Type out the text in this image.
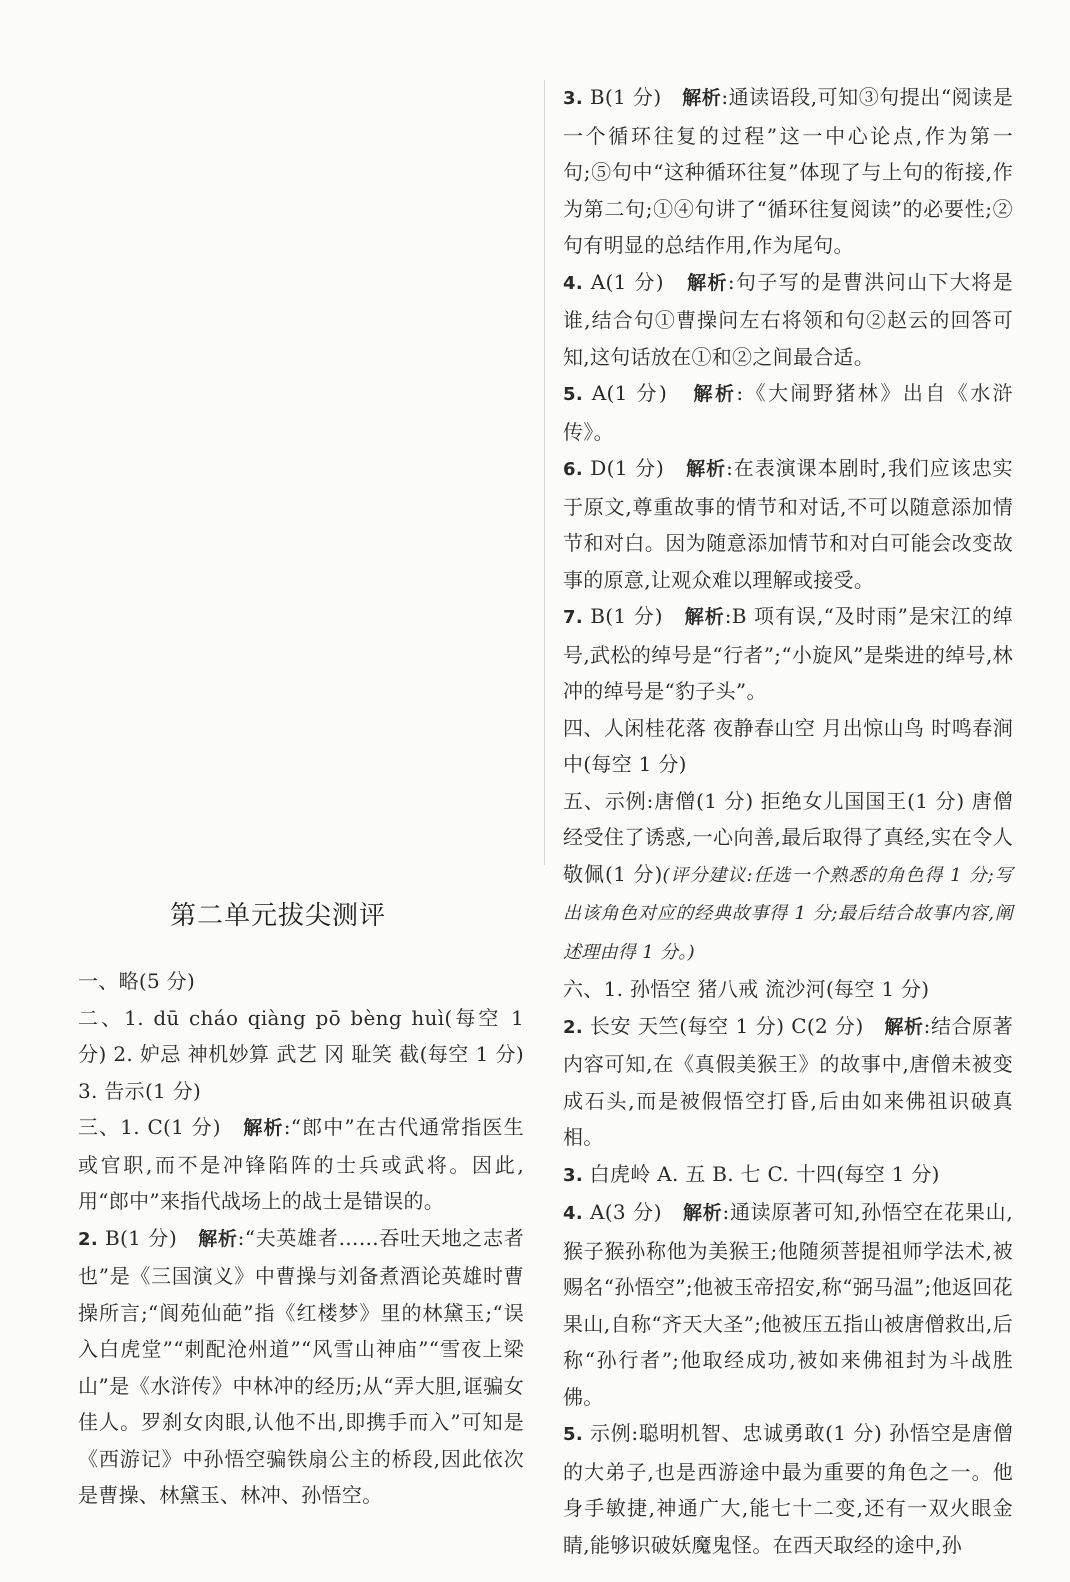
第二单元拔尖测评

3. B(1 分) 解析:通读语段,可知③句提出“阅读是一个循环往复的过程”这一中心论点,作为第一句;⑤句中“这种循环往复”体现了与上句的衔接,作为第二句;①④句讲了“循环往复阅读”的必要性;②句有明显的总结作用,作为尾句。

4. A(1 分) 解析:句子写的是曹洪问山下大将是谁,结合句①曹操问左右将领和句②赵云的回答可知,这句话放在①和②之间最合适。

5. A(1 分) 解析:《大闹野猪林》出自《水浒传》。

6. D(1 分) 解析:在表演课本剧时,我们应该忠实于原文,尊重故事的情节和对话,不可以随意添加情节和对白。因为随意添加情节和对白可能会改变故事的原意,让观众难以理解或接受。

7. B(1 分) 解析:B 项有误,“及时雨”是宋江的绰号,武松的绰号是“行者”;“小旋风”是柴进的绰号,林冲的绰号是“豹子头”。

四、人闲桂花落 夜静春山空 月出惊山鸟 时鸣春涧中(每空 1 分)

五、示例:唐僧(1 分) 拒绝女儿国国王(1 分) 唐僧经受住了诱惑,一心向善,最后取得了真经,实在令人敬佩(1 分)(评分建议:任选一个熟悉的角色得 1 分;写出该角色对应的经典故事得 1 分;最后结合故事内容,阐述理由得 1 分。)

六、1. 孙悟空 猪八戒 流沙河(每空 1 分)

2. 长安 天竺(每空 1 分) C(2 分) 解析:结合原著内容可知,在《真假美猴王》的故事中,唐僧未被变成石头,而是被假悟空打昏,后由如来佛祖识破真相。

3. 白虎岭 A. 五 B. 七 C. 十四(每空 1 分)

4. A(3 分) 解析:通读原著可知,孙悟空在花果山,猴子猴孙称他为美猴王;他随须菩提祖师学法术,被赐名“孙悟空”;他被玉帝招安,称“弼马温”;他返回花果山,自称“齐天大圣”;他被压五指山被唐僧救出,后称“孙行者”;他取经成功,被如来佛祖封为斗战胜佛。

5. 示例:聪明机智、忠诚勇敢(1 分) 孙悟空是唐僧的大弟子,也是西游途中最为重要的角色之一。他身手敏捷,神通广大,能七十二变,还有一双火眼金睛,能够识破妖魔鬼怪。在西天取经的途中,孙

一、略(5 分)

二、1. dū cháo qiàng pō bèng huì(每空 1 分) 2. 妒忌 神机妙算 武艺 冈 耻笑 截(每空 1 分) 3. 告示(1 分)

三、1. C(1 分) 解析:“郎中”在古代通常指医生或官职,而不是冲锋陷阵的士兵或武将。因此,用“郎中”来指代战场上的战士是错误的。

2. B(1 分) 解析:“夫英雄者……吞吐天地之志者也”是《三国演义》中曹操与刘备煮酒论英雄时曹操所言;“阆苑仙葩”指《红楼梦》里的林黛玉;“误入白虎堂”“刺配沧州道”“风雪山神庙”“雪夜上梁山”是《水浒传》中林冲的经历;从“弄大胆,诓骗女佳人。罗刹女肉眼,认他不出,即携手而入”可知是《西游记》中孙悟空骗铁扇公主的桥段,因此依次是曹操、林黛玉、林冲、孙悟空。
